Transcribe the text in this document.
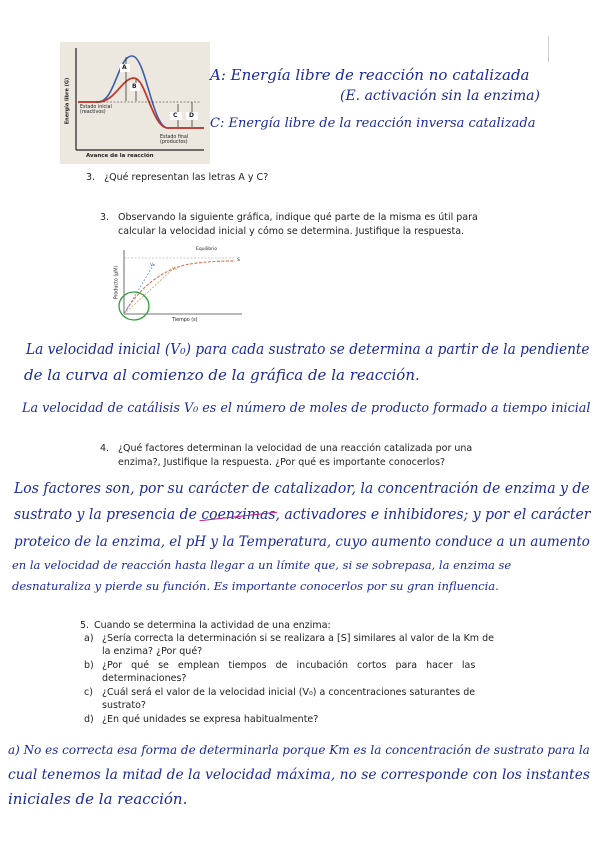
A
B
C D
Estado inicial
(reactivos)
Estado final
(productos)
Avance de la reacción
Energía libre (G)
A: Energía libre de reacción no catalizada
(E. activación sin la enzima)
C: Energía libre de la reacción inversa catalizada
3. ¿Qué representan las letras A y C?
3. Observando la siguiente gráfica, indique qué parte de la misma es útil para
calcular la velocidad inicial y cómo se determina. Justifique la respuesta.
Equilibrio
V₀
V₀
S
Tiempo (s)
Producto (µM)
La velocidad inicial (V₀) para cada sustrato se determina a partir de la pendiente
de la curva al comienzo de la gráfica de la reacción.
La velocidad de catálisis V₀ es el número de moles de producto formado a tiempo inicial
4. ¿Qué factores determinan la velocidad de una reacción catalizada por una
enzima?, Justifique la respuesta. ¿Por qué es importante conocerlos?
Los factores son, por su carácter de catalizador, la concentración de enzima y de
sustrato y la presencia de coenzimas, activadores e inhibidores; y por el carácter
proteico de la enzima, el pH y la Temperatura, cuyo aumento conduce a un aumento
en la velocidad de reacción hasta llegar a un límite que, si se sobrepasa, la enzima se
desnaturaliza y pierde su función. Es importante conocerlos por su gran influencia.
5. Cuando se determina la actividad de una enzima:
a) ¿Sería correcta la determinación si se realizara a [S] similares al valor de la Km de
la enzima? ¿Por qué?
b) ¿Por qué se emplean tiempos de incubación cortos para hacer las
determinaciones?
c) ¿Cuál será el valor de la velocidad inicial (V₀) a concentraciones saturantes de
sustrato?
d) ¿En qué unidades se expresa habitualmente?
a) No es correcta esa forma de determinarla porque Km es la concentración de sustrato para la
cual tenemos la mitad de la velocidad máxima, no se corresponde con los instantes
iniciales de la reacción.
